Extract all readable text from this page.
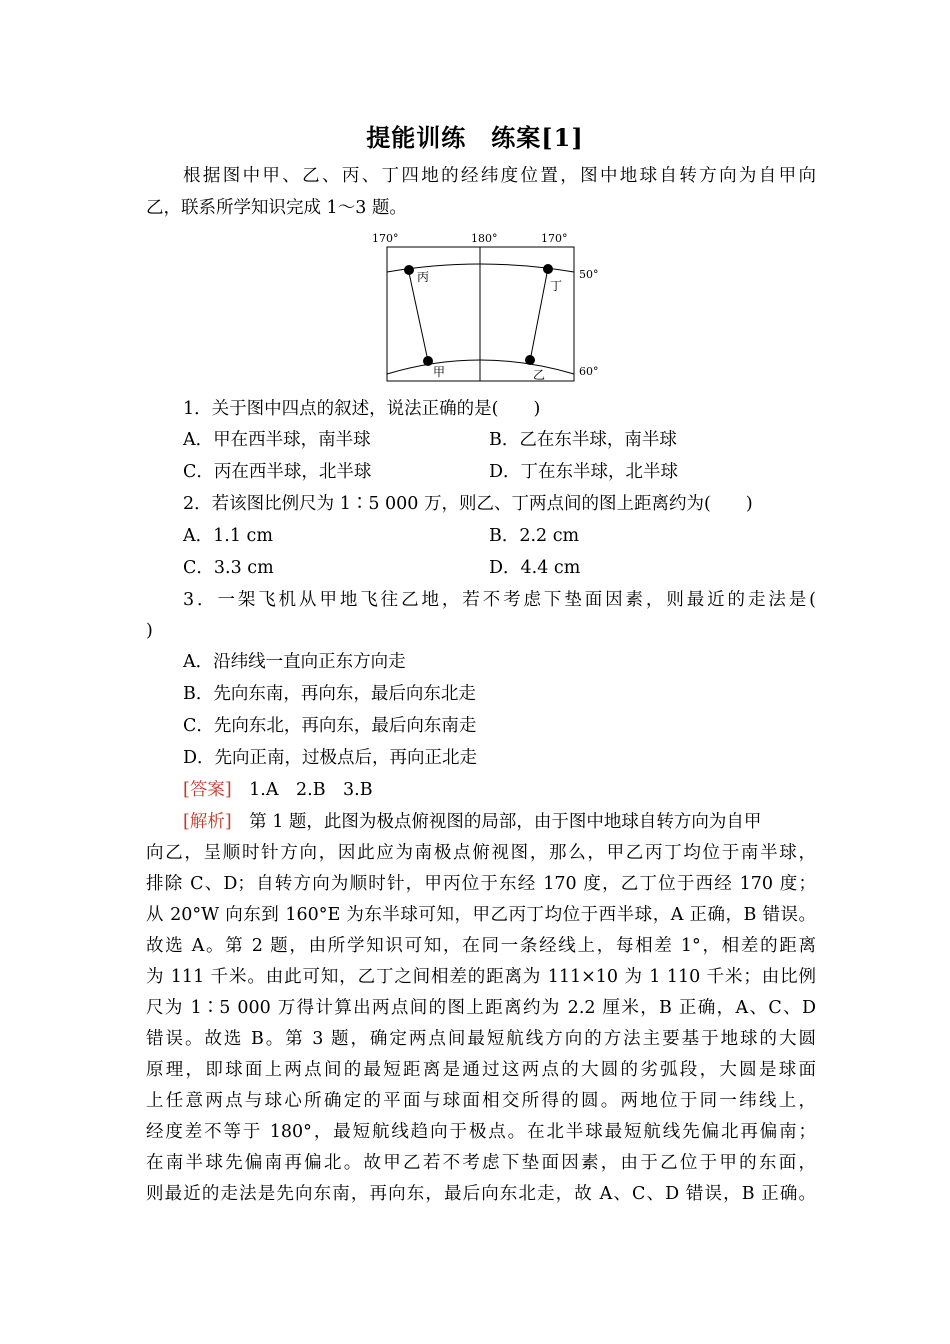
提能训练　练案[1]
根据图中甲、乙、丙、丁四地的经纬度位置，图中地球自转方向为自甲向
乙，联系所学知识完成 1～3 题。
170°	180°	170°
50°
60°
丙
丁
甲	乙
1．关于图中四点的叙述，说法正确的是(　　)
A．甲在西半球，南半球	B．乙在东半球，南半球
C．丙在西半球，北半球	D．丁在东半球，北半球
2．若该图比例尺为 1∶5 000 万，则乙、丁两点间的图上距离约为(　　)
A．1.1 cm	B．2.2 cm
C．3.3 cm	D．4.4 cm
3．一架飞机从甲地飞往乙地，若不考虑下垫面因素，则最近的走法是(
)
A．沿纬线一直向正东方向走
B．先向东南，再向东，最后向东北走
C．先向东北，再向东，最后向东南走
D．先向正南，过极点后，再向正北走
[答案]　1.A　2.B　3.B
[解析]　第 1 题，此图为极点俯视图的局部，由于图中地球自转方向为自甲
向乙，呈顺时针方向，因此应为南极点俯视图，那么，甲乙丙丁均位于南半球，
排除 C、D；自转方向为顺时针，甲丙位于东经 170 度，乙丁位于西经 170 度；
从 20°W 向东到 160°E 为东半球可知，甲乙丙丁均位于西半球，A 正确，B 错误。
故选 A。第 2 题，由所学知识可知，在同一条经线上，每相差 1°，相差的距离
为 111 千米。由此可知，乙丁之间相差的距离为 111×10 为 1 110 千米；由比例
尺为 1∶5 000 万得计算出两点间的图上距离约为 2.2 厘米，B 正确，A、C、D
错误。故选 B。第 3 题，确定两点间最短航线方向的方法主要基于地球的大圆
原理，即球面上两点间的最短距离是通过这两点的大圆的劣弧段，大圆是球面
上任意两点与球心所确定的平面与球面相交所得的圆。两地位于同一纬线上，
经度差不等于 180°，最短航线趋向于极点。在北半球最短航线先偏北再偏南；
在南半球先偏南再偏北。故甲乙若不考虑下垫面因素，由于乙位于甲的东面，
则最近的走法是先向东南，再向东，最后向东北走，故 A、C、D 错误，B 正确。
